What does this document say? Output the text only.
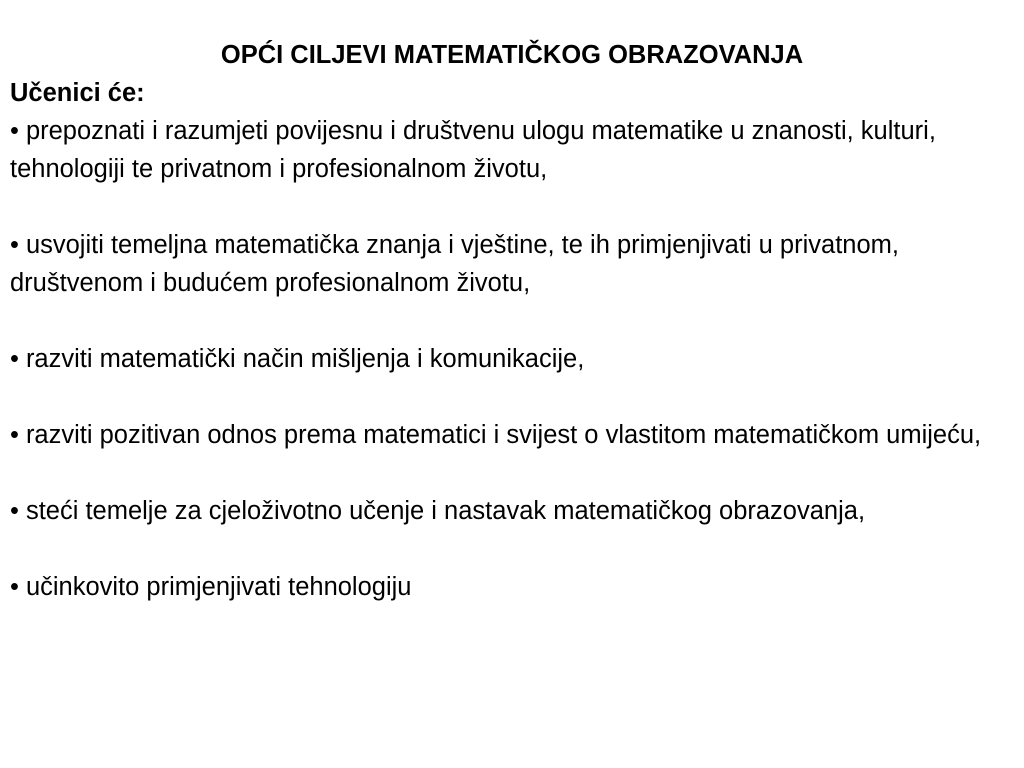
OPĆI CILJEVI MATEMATIČKOG OBRAZOVANJA

Učenici će:

• prepoznati i razumjeti povijesnu i društvenu ulogu matematike u znanosti, kulturi, tehnologiji te privatnom i profesionalnom životu,
• usvojiti temeljna matematička znanja i vještine, te ih primjenjivati u privatnom, društvenom i budućem profesionalnom životu,
• razviti matematički način mišljenja i komunikacije,
• razviti pozitivan odnos prema matematici i svijest o vlastitom matematičkom umijeću,
• steći temelje za cjeloživotno učenje i nastavak matematičkog obrazovanja,
• učinkovito primjenjivati tehnologiju
